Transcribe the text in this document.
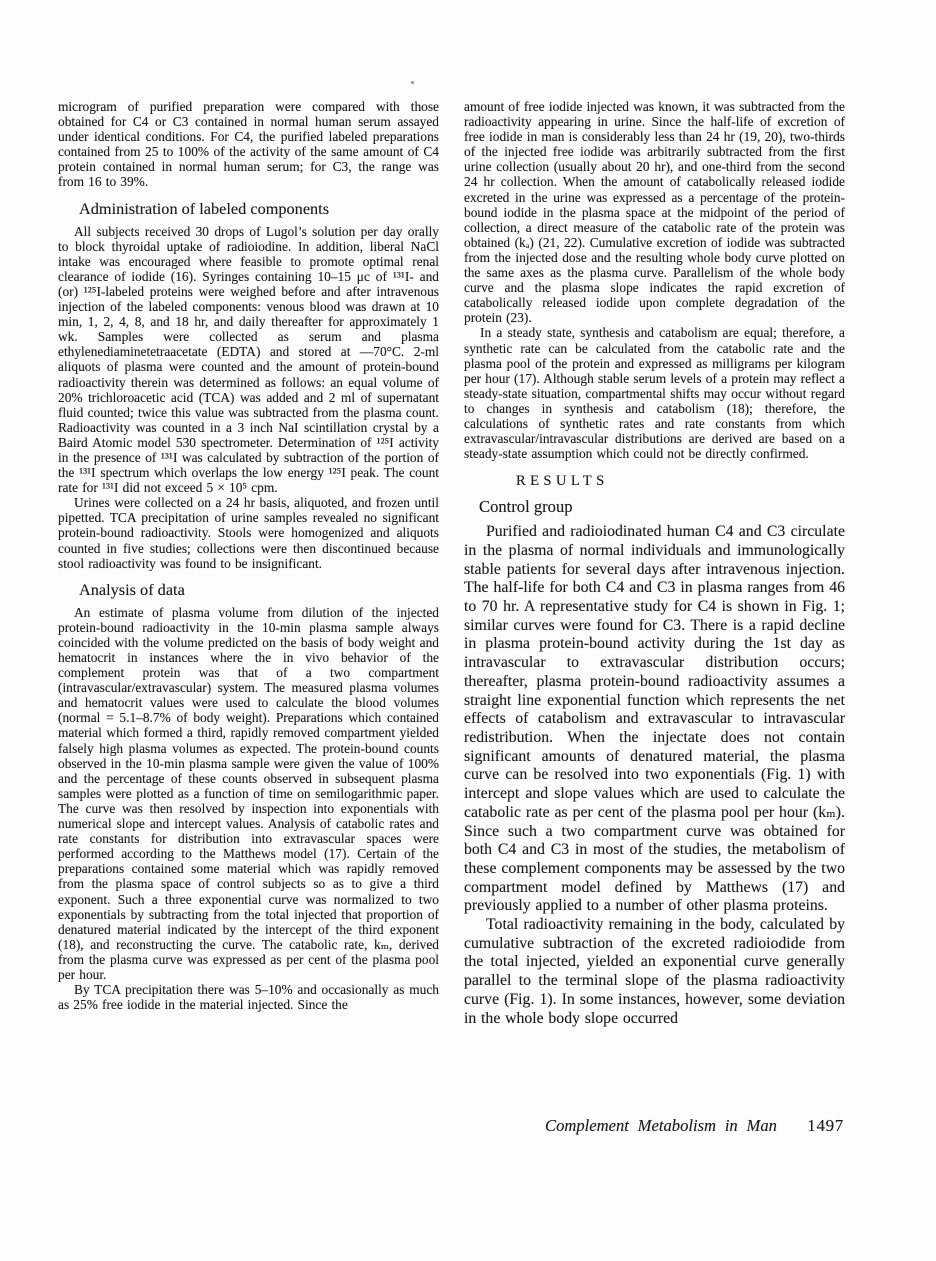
microgram of purified preparation were compared with those obtained for C4 or C3 contained in normal human serum assayed under identical conditions. For C4, the purified labeled preparations contained from 25 to 100% of the activity of the same amount of C4 protein contained in normal human serum; for C3, the range was from 16 to 39%.

Administration of labeled components

All subjects received 30 drops of Lugol’s solution per day orally to block thyroidal uptake of radioiodine. In addition, liberal NaCl intake was encouraged where feasible to promote optimal renal clearance of iodide (16). Syringes containing 10–15 μc of ¹³¹I- and (or) ¹²⁵I-labeled proteins were weighed before and after intravenous injection of the labeled components: venous blood was drawn at 10 min, 1, 2, 4, 8, and 18 hr, and daily thereafter for approximately 1 wk. Samples were collected as serum and plasma ethylenediaminetetraacetate (EDTA) and stored at —70°C. 2-ml aliquots of plasma were counted and the amount of protein-bound radioactivity therein was determined as follows: an equal volume of 20% trichloroacetic acid (TCA) was added and 2 ml of supernatant fluid counted; twice this value was subtracted from the plasma count. Radioactivity was counted in a 3 inch NaI scintillation crystal by a Baird Atomic model 530 spectrometer. Determination of ¹²⁵I activity in the presence of ¹³¹I was calculated by subtraction of the portion of the ¹³¹I spectrum which overlaps the low energy ¹²⁵I peak. The count rate for ¹³¹I did not exceed 5 × 10⁵ cpm.

Urines were collected on a 24 hr basis, aliquoted, and frozen until pipetted. TCA precipitation of urine samples revealed no significant protein-bound radioactivity. Stools were homogenized and aliquots counted in five studies; collections were then discontinued because stool radioactivity was found to be insignificant.

Analysis of data

An estimate of plasma volume from dilution of the injected protein-bound radioactivity in the 10-min plasma sample always coincided with the volume predicted on the basis of body weight and hematocrit in instances where the in vivo behavior of the complement protein was that of a two compartment (intravascular/extravascular) system. The measured plasma volumes and hematocrit values were used to calculate the blood volumes (normal = 5.1–8.7% of body weight). Preparations which contained material which formed a third, rapidly removed compartment yielded falsely high plasma volumes as expected. The protein-bound counts observed in the 10-min plasma sample were given the value of 100% and the percentage of these counts observed in subsequent plasma samples were plotted as a function of time on semilogarithmic paper. The curve was then resolved by inspection into exponentials with numerical slope and intercept values. Analysis of catabolic rates and rate constants for distribution into extravascular spaces were performed according to the Matthews model (17). Certain of the preparations contained some material which was rapidly removed from the plasma space of control subjects so as to give a third exponent. Such a three exponential curve was normalized to two exponentials by subtracting from the total injected that proportion of denatured material indicated by the intercept of the third exponent (18), and reconstructing the curve. The catabolic rate, kₘ, derived from the plasma curve was expressed as per cent of the plasma pool per hour.

By TCA precipitation there was 5–10% and occasionally as much as 25% free iodide in the material injected. Since the

amount of free iodide injected was known, it was subtracted from the radioactivity appearing in urine. Since the half-life of excretion of free iodide in man is considerably less than 24 hr (19, 20), two-thirds of the injected free iodide was arbitrarily subtracted from the first urine collection (usually about 20 hr), and one-third from the second 24 hr collection. When the amount of catabolically released iodide excreted in the urine was expressed as a percentage of the protein-bound iodide in the plasma space at the midpoint of the period of collection, a direct measure of the catabolic rate of the protein was obtained (kₐ) (21, 22). Cumulative excretion of iodide was subtracted from the injected dose and the resulting whole body curve plotted on the same axes as the plasma curve. Parallelism of the whole body curve and the plasma slope indicates the rapid excretion of catabolically released iodide upon complete degradation of the protein (23).

In a steady state, synthesis and catabolism are equal; therefore, a synthetic rate can be calculated from the catabolic rate and the plasma pool of the protein and expressed as milligrams per kilogram per hour (17). Although stable serum levels of a protein may reflect a steady-state situation, compartmental shifts may occur without regard to changes in synthesis and catabolism (18); therefore, the calculations of synthetic rates and rate constants from which extravascular/intravascular distributions are derived are based on a steady-state assumption which could not be directly confirmed.

RESULTS
Control group

Purified and radioiodinated human C4 and C3 circulate in the plasma of normal individuals and immunologically stable patients for several days after intravenous injection. The half-life for both C4 and C3 in plasma ranges from 46 to 70 hr. A representative study for C4 is shown in Fig. 1; similar curves were found for C3. There is a rapid decline in plasma protein-bound activity during the 1st day as intravascular to extravascular distribution occurs; thereafter, plasma protein-bound radioactivity assumes a straight line exponential function which represents the net effects of catabolism and extravascular to intravascular redistribution. When the injectate does not contain significant amounts of denatured material, the plasma curve can be resolved into two exponentials (Fig. 1) with intercept and slope values which are used to calculate the catabolic rate as per cent of the plasma pool per hour (kₘ). Since such a two compartment curve was obtained for both C4 and C3 in most of the studies, the metabolism of these complement components may be assessed by the two compartment model defined by Matthews (17) and previously applied to a number of other plasma proteins.

Total radioactivity remaining in the body, calculated by cumulative subtraction of the excreted radioiodide from the total injected, yielded an exponential curve generally parallel to the terminal slope of the plasma radioactivity curve (Fig. 1). In some instances, however, some deviation in the whole body slope occurred

Complement Metabolism in Man 1497
